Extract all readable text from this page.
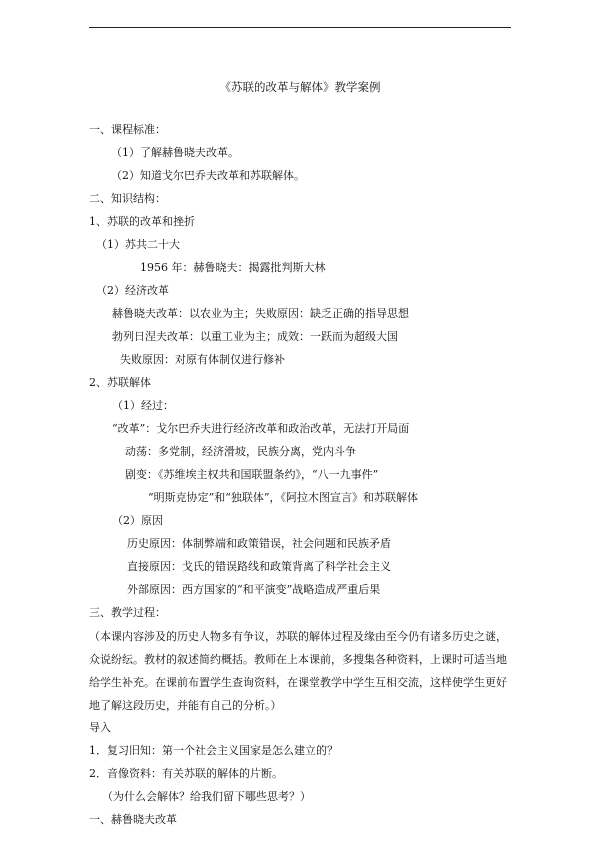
《苏联的改革与解体》教学案例
一、课程标准：
（1）了解赫鲁晓夫改革。
（2）知道戈尔巴乔夫改革和苏联解体。
二、知识结构：
1、苏联的改革和挫折
（1）苏共二十大
1956 年：赫鲁晓夫：揭露批判斯大林
（2）经济改革
赫鲁晓夫改革：以农业为主；失败原因：缺乏正确的指导思想
勃列日涅夫改革：以重工业为主；成效：一跃而为超级大国
失败原因：对原有体制仅进行修补
2、苏联解体
（1）经过：
“改革”：戈尔巴乔夫进行经济改革和政治改革，无法打开局面
动荡：多党制，经济滑坡，民族分离，党内斗争
剧变：《苏维埃主权共和国联盟条约》，“八一九事件”
“明斯克协定”和“独联体”，《阿拉木图宣言》和苏联解体
（2）原因
历史原因：体制弊端和政策错误，社会问题和民族矛盾
直接原因：戈氏的错误路线和政策背离了科学社会主义
外部原因：西方国家的“和平演变”战略造成严重后果
三、教学过程：
（本课内容涉及的历史人物多有争议，苏联的解体过程及缘由至今仍有诸多历史之谜，众说纷纭。教材的叙述简约概括。教师在上本课前，多搜集各种资料，上课时可适当地给学生补充。在课前布置学生查询资料，在课堂教学中学生互相交流，这样使学生更好地了解这段历史，并能有自己的分析。）
导入
1．复习旧知：第一个社会主义国家是怎么建立的？
2．音像资料：有关苏联的解体的片断。
（为什么会解体？给我们留下哪些思考？）
一、赫鲁晓夫改革
